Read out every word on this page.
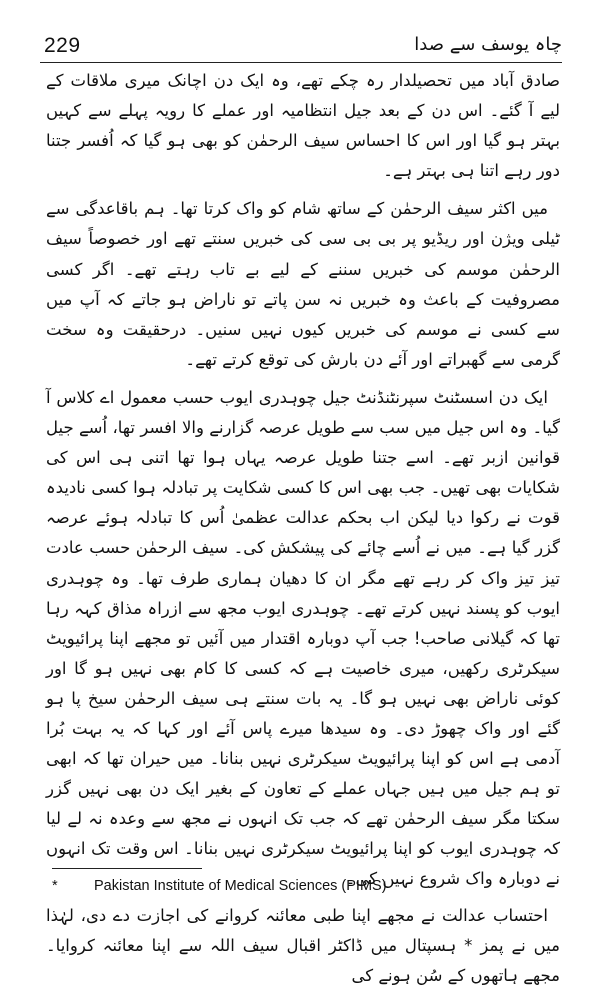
229	چاہ یوسف سے صدا

صادق آباد میں تحصیلدار رہ چکے تھے، وہ ایک دن اچانک میری ملاقات کے لیے آ گئے۔ اس دن کے بعد جیل انتظامیہ اور عملے کا رویہ پہلے سے کہیں بہتر ہو گیا اور اس کا احساس سیف الرحمٰن کو بھی ہو گیا کہ اُفسر جتنا دور رہے اتنا ہی بہتر ہے۔

میں اکثر سیف الرحمٰن کے ساتھ شام کو واک کرتا تھا۔ ہم باقاعدگی سے ٹیلی ویژن اور ریڈیو پر بی بی سی کی خبریں سنتے تھے اور خصوصاً سیف الرحمٰن موسم کی خبریں سننے کے لیے بے تاب رہتے تھے۔ اگر کسی مصروفیت کے باعث وہ خبریں نہ سن پاتے تو ناراض ہو جاتے کہ آپ میں سے کسی نے موسم کی خبریں کیوں نہیں سنیں۔ درحقیقت وہ سخت گرمی سے گھبراتے اور آئے دن بارش کی توقع کرتے تھے۔

ایک دن اسسٹنٹ سپرنٹنڈنٹ جیل چوہدری ایوب حسب معمول اے کلاس آ گیا۔ وہ اس جیل میں سب سے طویل عرصہ گزارنے والا افسر تھا، اُسے جیل قوانین ازبر تھے۔ اسے جتنا طویل عرصہ یہاں ہوا تھا اتنی ہی اس کی شکایات بھی تھیں۔ جب بھی اس کا کسی شکایت پر تبادلہ ہوا کسی نادیدہ قوت نے رکوا دیا لیکن اب بحکم عدالت عظمیٰ اُس کا تبادلہ ہوئے عرصہ گزر گیا ہے۔ میں نے اُسے چائے کی پیشکش کی۔ سیف الرحمٰن حسب عادت تیز تیز واک کر رہے تھے مگر ان کا دھیان ہماری طرف تھا۔ وہ چوہدری ایوب کو پسند نہیں کرتے تھے۔ چوہدری ایوب مجھ سے ازراہ مذاق کہہ رہا تھا کہ گیلانی صاحب! جب آپ دوبارہ اقتدار میں آئیں تو مجھے اپنا پرائیویٹ سیکرٹری رکھیں، میری خاصیت ہے کہ کسی کا کام بھی نہیں ہو گا اور کوئی ناراض بھی نہیں ہو گا۔ یہ بات سنتے ہی سیف الرحمٰن سیخ پا ہو گئے اور واک چھوڑ دی۔ وہ سیدھا میرے پاس آئے اور کہا کہ یہ بہت بُرا آدمی ہے اس کو اپنا پرائیویٹ سیکرٹری نہیں بنانا۔ میں حیران تھا کہ ابھی تو ہم جیل میں ہیں جہاں عملے کے تعاون کے بغیر ایک دن بھی نہیں گزر سکتا مگر سیف الرحمٰن تھے کہ جب تک انہوں نے مجھ سے وعدہ نہ لے لیا کہ چوہدری ایوب کو اپنا پرائیویٹ سیکرٹری نہیں بنانا۔ اس وقت تک انہوں نے دوبارہ واک شروع نہیں کی۔

احتساب عدالت نے مجھے اپنا طبی معائنہ کروانے کی اجازت دے دی، لہٰذا میں نے پمز * ہسپتال میں ڈاکٹر اقبال سیف اللہ سے اپنا معائنہ کروایا۔ مجھے ہاتھوں کے سُن ہونے کی

*	Pakistan Institute of Medical Sciences (PIMS)
